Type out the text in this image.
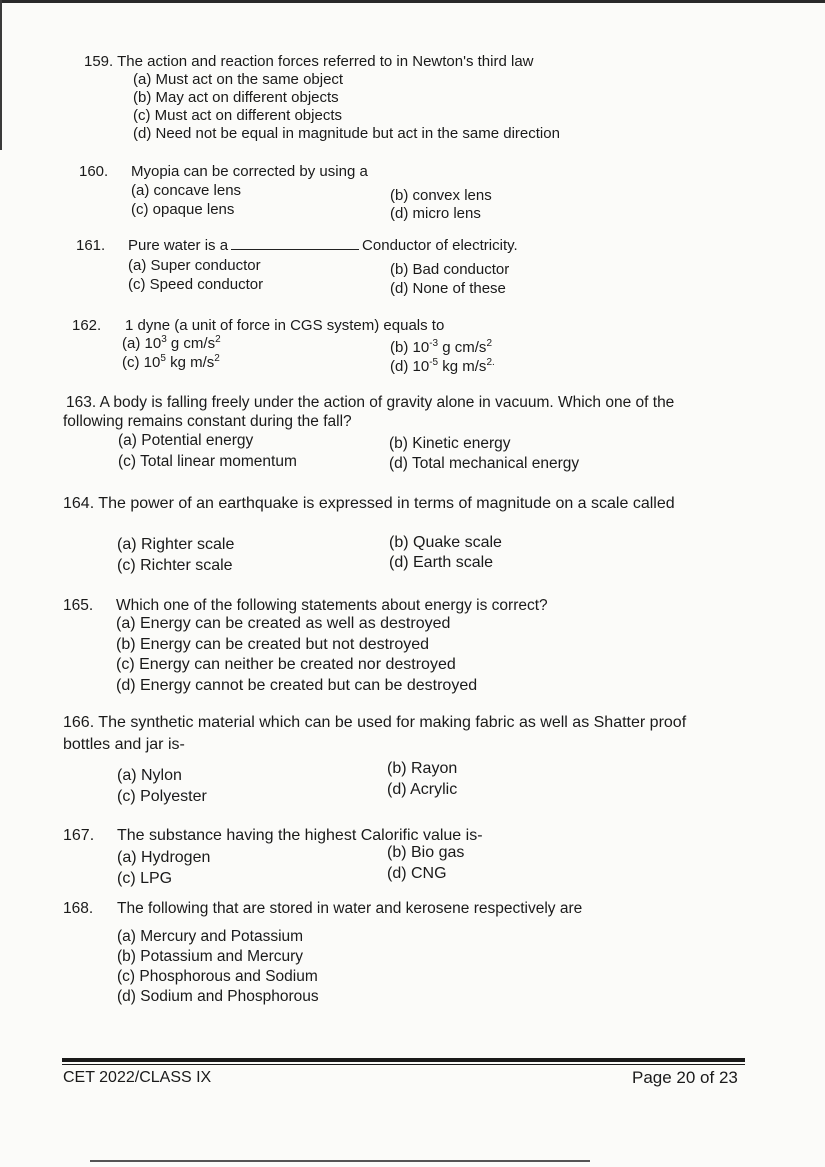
159. The action and reaction forces referred to in Newton's third law
(a) Must act on the same object
(b) May act on different objects
(c) Must act on different objects
(d) Need not be equal in magnitude but act in the same direction
160. Myopia can be corrected by using a
(a) concave lens	(b) convex lens
(c) opaque lens	(d) micro lens
161. Pure water is a	Conductor of electricity.
(a) Super conductor	(b) Bad conductor
(c) Speed conductor	(d) None of these
162. 1 dyne (a unit of force in CGS system) equals to
(a) $10^3$ g $cm/s^2$	(b) $10^{-3}$ g $cm/s^2$
(c) $10^5$ kg $m/s^2$	(d) $10^{-5}$ kg $m/s^{2.}$
163. A body is falling freely under the action of gravity alone in vacuum. Which one of the following remains constant during the fall?
(a) Potential energy	(b) Kinetic energy
(c) Total linear momentum	(d) Total mechanical energy
164. The power of an earthquake is expressed in terms of magnitude on a scale called
(a) Righter scale	(b) Quake scale
(c) Richter scale	(d) Earth scale
165. Which one of the following statements about energy is correct?
(a) Energy can be created as well as destroyed
(b) Energy can be created but not destroyed
(c) Energy can neither be created nor destroyed
(d) Energy cannot be created but can be destroyed
166. The synthetic material which can be used for making fabric as well as Shatter proof bottles and jar is-
(a) Nylon	(b) Rayon
(c) Polyester	(d) Acrylic
167. The substance having the highest Calorific value is-
(a) Hydrogen	(b) Bio gas
(c) LPG	(d) CNG
168. The following that are stored in water and kerosene respectively are
(a) Mercury and Potassium
(b) Potassium and Mercury
(c) Phosphorous and Sodium
(d) Sodium and Phosphorous
CET 2022/CLASS IX	Page 20 of 23
